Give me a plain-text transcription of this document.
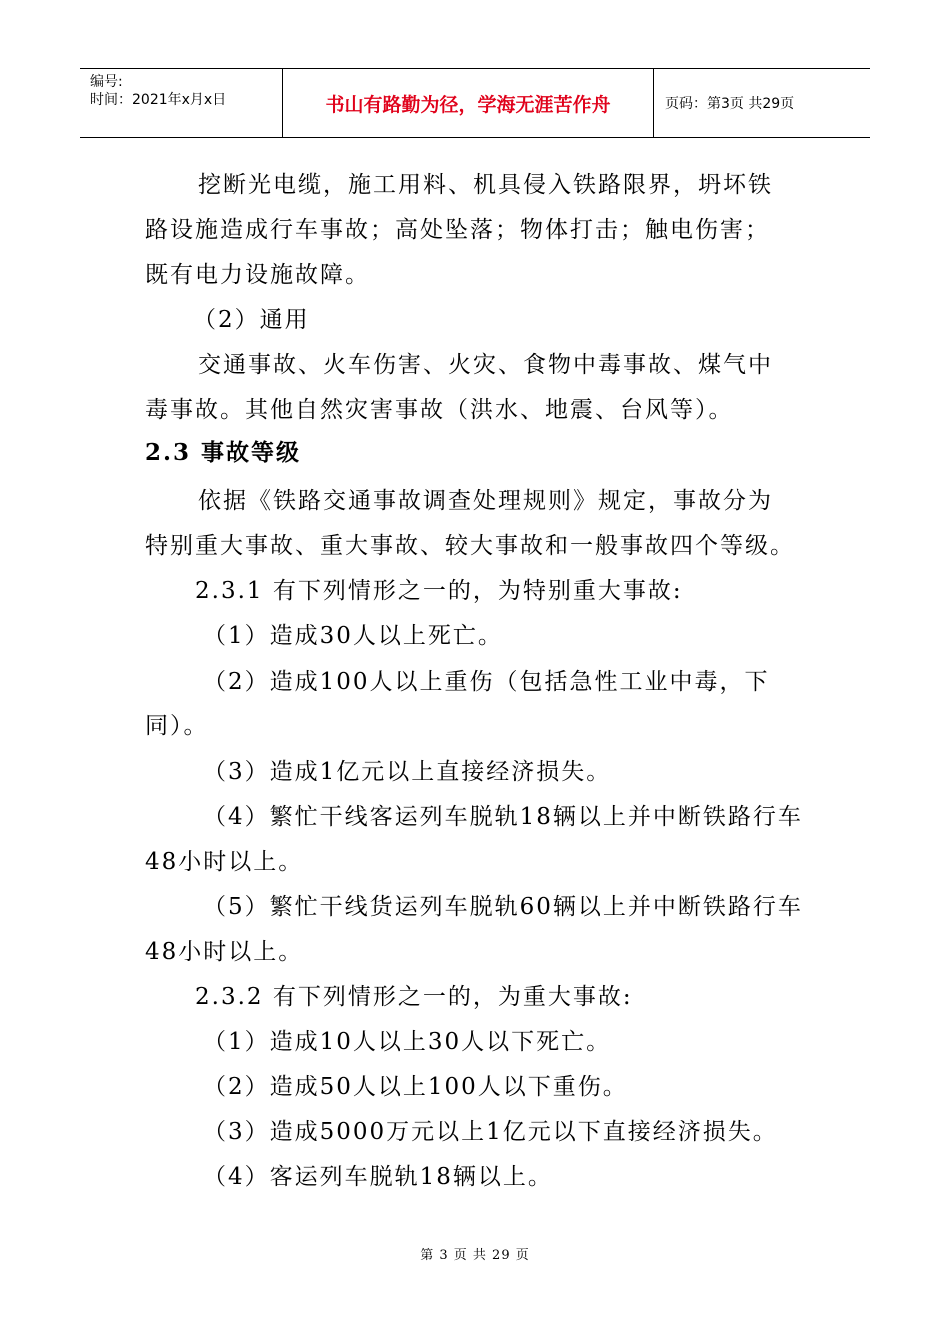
编号:
时间：2021年x月x日	书山有路勤为径，学海无涯苦作舟	页码：第3页 共29页
挖断光电缆，施工用料、机具侵入铁路限界，坍坏铁
路设施造成行车事故；高处坠落；物体打击；触电伤害；
既有电力设施故障。
（2）通用
交通事故、火车伤害、火灾、食物中毒事故、煤气中
毒事故。其他自然灾害事故（洪水、地震、台风等）。
2.3 事故等级
依据《铁路交通事故调查处理规则》规定，事故分为
特别重大事故、重大事故、较大事故和一般事故四个等级。
2.3.1 有下列情形之一的，为特别重大事故:
（1）造成30人以上死亡。
（2）造成100人以上重伤（包括急性工业中毒，下
同）。
（3）造成1亿元以上直接经济损失。
（4）繁忙干线客运列车脱轨18辆以上并中断铁路行车
48小时以上。
（5）繁忙干线货运列车脱轨60辆以上并中断铁路行车
48小时以上。
2.3.2 有下列情形之一的，为重大事故:
（1）造成10人以上30人以下死亡。
（2）造成50人以上100人以下重伤。
（3）造成5000万元以上1亿元以下直接经济损失。
（4）客运列车脱轨18辆以上。
第 3 页 共 29 页
